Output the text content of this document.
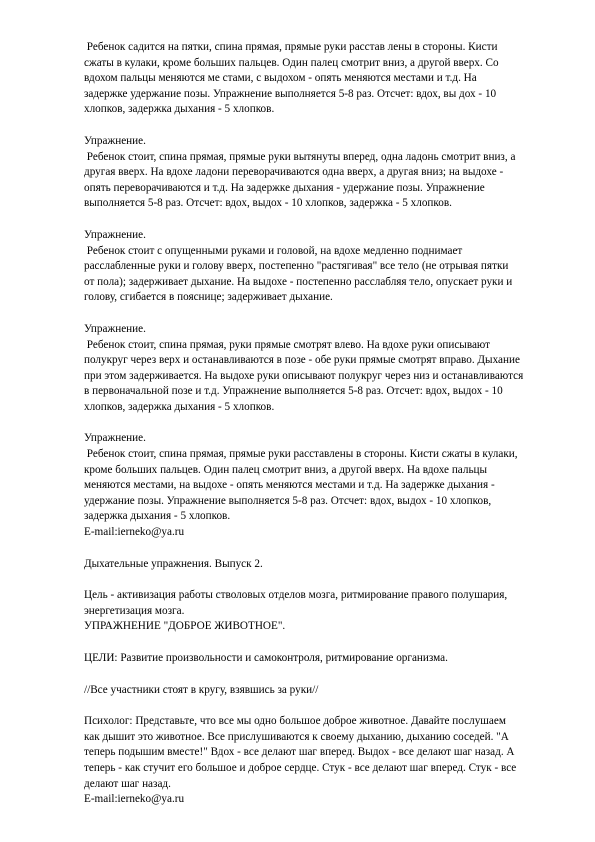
Ребенок садится на пятки, спина прямая, прямые руки расстав лены в стороны. Кисти

сжаты в кулаки, кроме больших пальцев. Один палец смотрит вниз, а другой вверх. Со

вдохом пальцы меняются ме стами, с выдохом - опять меняются местами и т.д. На

задержке удержание позы. Упражнение выполняется 5-8 раз. Отсчет: вдох, вы дох - 10

хлопков, задержка дыхания - 5 хлопков.

Упражнение.

Ребенок стоит, спина прямая, прямые руки вытянуты вперед, одна ладонь смотрит вниз, а

другая вверх. На вдохе ладони переворачиваются одна вверх, а другая вниз; на выдохе -

опять переворачиваются и т.д. На задержке дыхания - удержание позы. Упражнение

выполняется 5-8 раз. Отсчет: вдох, выдох - 10 хлопков, задержка - 5 хлопков.

Упражнение.

Ребенок стоит с опущенными руками и головой, на вдохе медленно поднимает

расслабленные руки и голову вверх, постепенно "растягивая" все тело (не отрывая пятки

от пола); задерживает дыхание. На выдохе - постепенно расслабляя тело, опускает руки и

голову, сгибается в пояснице; задерживает дыхание.

Упражнение.

Ребенок стоит, спина прямая, руки прямые смотрят влево. На вдохе руки описывают

полукруг через верх и останавливаются в позе - обе руки прямые смотрят вправо. Дыхание

при этом задерживается. На выдохе руки описывают полукруг через низ и останавливаются

в первоначальной позе и т.д. Упражнение выполняется 5-8 раз. Отсчет: вдох, выдох - 10

хлопков, задержка дыхания - 5 хлопков.

Упражнение.

Ребенок стоит, спина прямая, прямые руки расставлены в стороны. Кисти сжаты в кулаки,

кроме больших пальцев. Один палец смотрит вниз, а другой вверх. На вдохе пальцы

меняются местами, на выдохе - опять меняются местами и т.д. На задержке дыхания -

удержание позы. Упражнение выполняется 5-8 раз. Отсчет: вдох, выдох - 10 хлопков,

задержка дыхания - 5 хлопков.

E-mail:ierneko@ya.ru

Дыхательные упражнения. Выпуск 2.

Цель - активизация работы стволовых отделов мозга, ритмирование правого полушария,

энергетизация мозга.

УПРАЖНЕНИЕ "ДОБРОЕ ЖИВОТНОЕ".

ЦЕЛИ: Развитие произвольности и самоконтроля, ритмирование организма.

//Все участники стоят в кругу, взявшись за руки//

Психолог: Представьте, что все мы одно большое доброе животное. Давайте послушаем

как дышит это животное. Все прислушиваются к своему дыханию, дыханию соседей. "А

теперь подышим вместе!" Вдох - все делают шаг вперед. Выдох - все делают шаг назад. А

теперь - как стучит его большое и доброе сердце. Стук - все делают шаг вперед. Стук - все

делают шаг назад.

E-mail:ierneko@ya.ru
